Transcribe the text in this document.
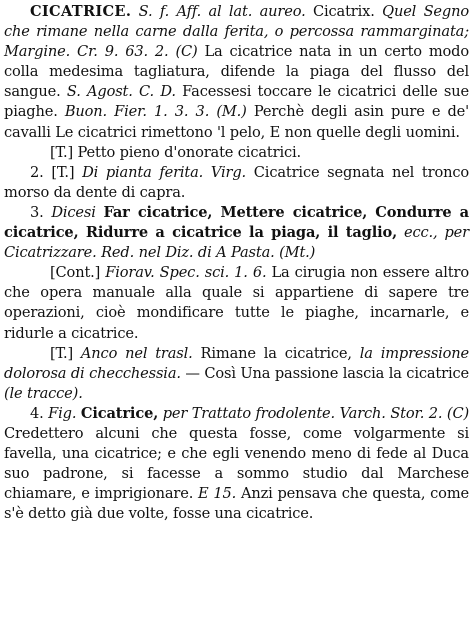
CICATRICE. S. f. Aff. al lat. aureo. Cicatrix. Quel Segno che rimane nella carne dalla ferita, o percossa rammarginata; Margine. Cr. 9. 63. 2. (C) La cicatrice nata in un certo modo colla medesima tagliatura, difende la piaga del flusso del sangue. S. Agost. C. D. Facessesi toccare le cicatrici delle sue piaghe. Buon. Fier. 1. 3. 3. (M.) Perchè degli asin pure e de' cavalli Le cicatrici rimettono 'l pelo, E non quelle degli uomini.

[T.] Petto pieno d'onorate cicatrici.

2. [T.] Di pianta ferita. Virg. Cicatrice segnata nel tronco morso da dente di capra.

3. Dicesi Far cicatrice, Mettere cicatrice, Condurre a cicatrice, Ridurre a cicatrice la piaga, il taglio, ecc., per Cicatrizzare. Red. nel Diz. di A Pasta. (Mt.)

[Cont.] Fiorav. Spec. sci. 1. 6. La cirugia non essere altro che opera manuale alla quale si appartiene di sapere tre operazioni, cioè mondificare tutte le piaghe, incarnarle, e ridurle a cicatrice.

[T.] Anco nel trasl. Rimane la cicatrice, la impressione dolorosa di checchessia. — Così Una passione lascia la cicatrice (le tracce).

4. Fig. Cicatrice, per Trattato frodolente. Varch. Stor. 2. (C) Credettero alcuni che questa fosse, come volgarmente si favella, una cicatrice; e che egli venendo meno di fede al Duca suo padrone, si facesse a sommo studio dal Marchese chiamare, e imprigionare. E 15. Anzi pensava che questa, come s'è detto già due volte, fosse una cicatrice.
